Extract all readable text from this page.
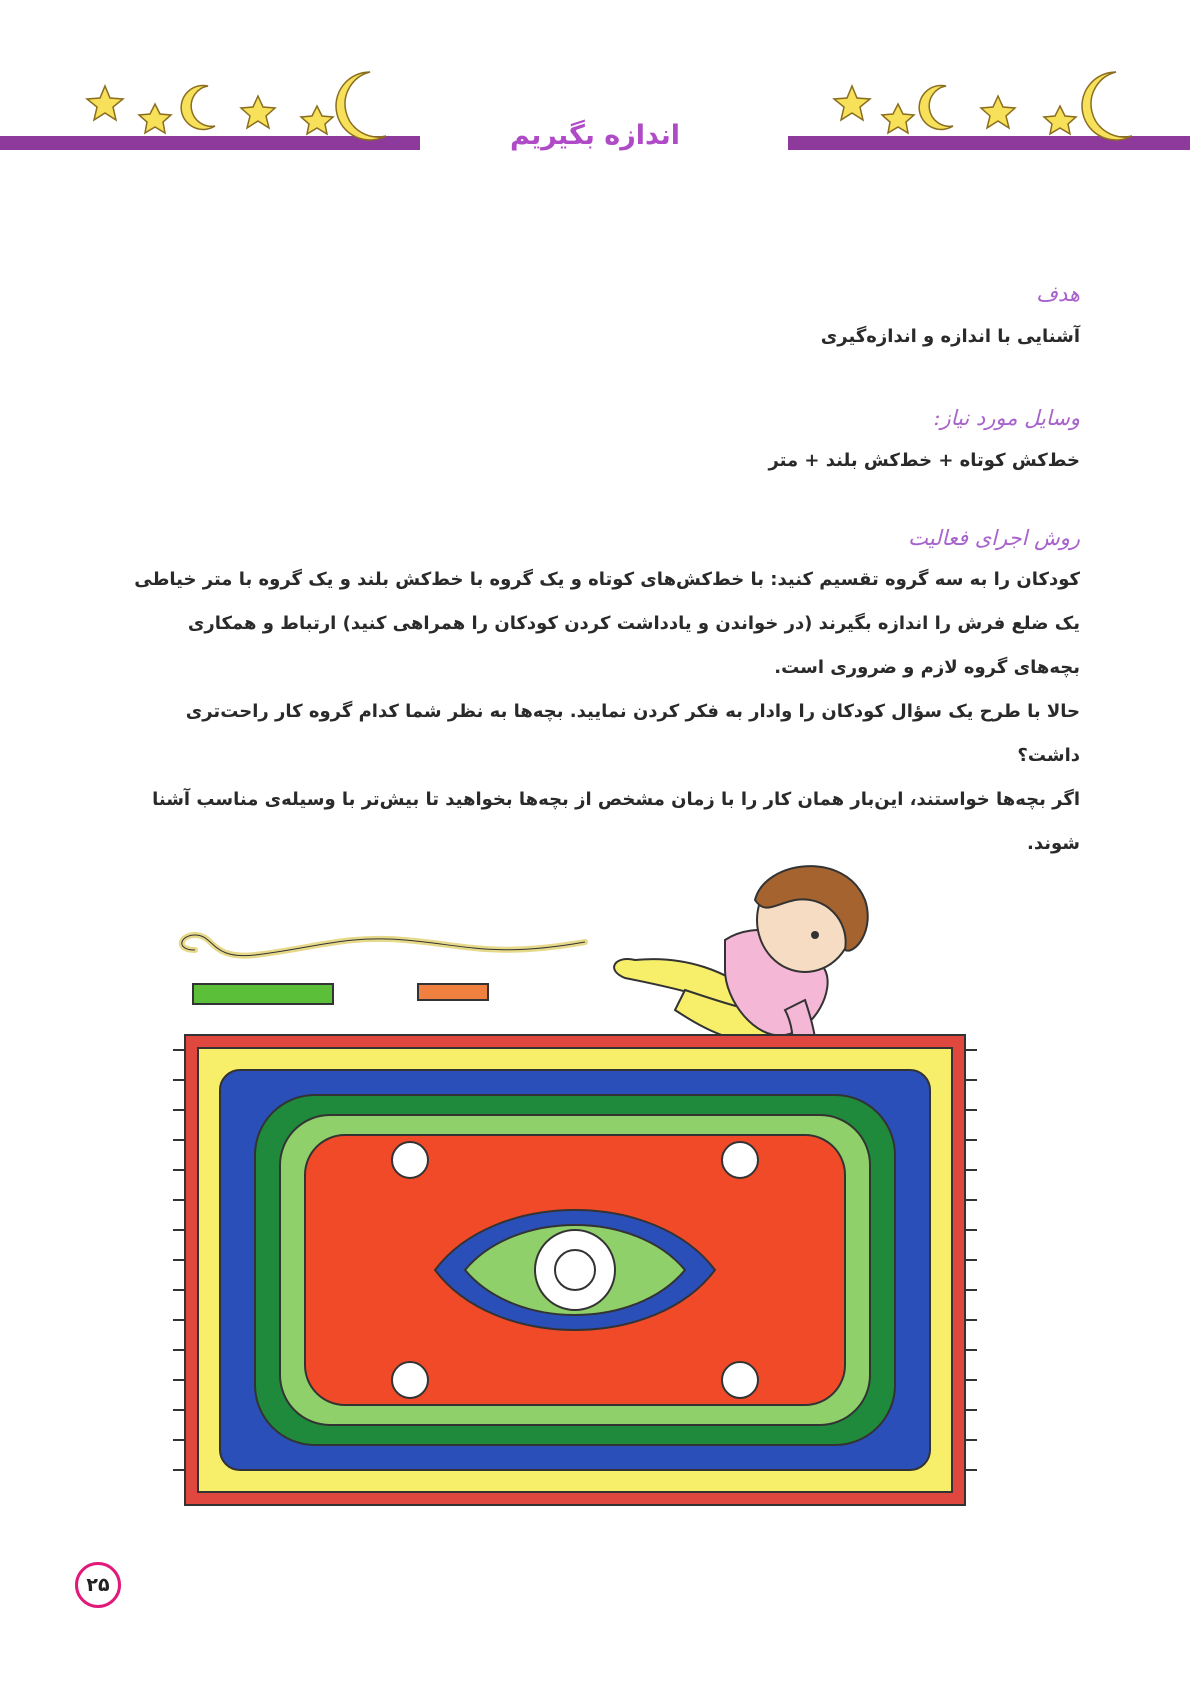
اندازه بگیریم
هدف
آشنایی با اندازه و اندازه‌گیری
وسایل مورد نیاز:
خط‌کش کوتاه + خط‌کش بلند + متر
روش اجرای فعالیت
کودکان را به سه گروه تقسیم کنید: با خط‌کش‌های کوتاه و یک گروه با خط‌کش بلند و یک گروه با متر خیاطی یک ضلع فرش را اندازه بگیرند (در خواندن و یادداشت کردن کودکان را همراهی کنید) ارتباط و همکاری بچه‌های گروه لازم و ضروری است.
حالا با طرح یک سؤال کودکان را وادار به فکر کردن نمایید. بچه‌ها به نظر شما کدام گروه کار راحت‌تری داشت؟
اگر بچه‌ها خواستند، این‌بار همان کار را با زمان مشخص از بچه‌ها بخواهید تا بیش‌تر با وسیله‌ی مناسب آشنا شوند.
۲۵
